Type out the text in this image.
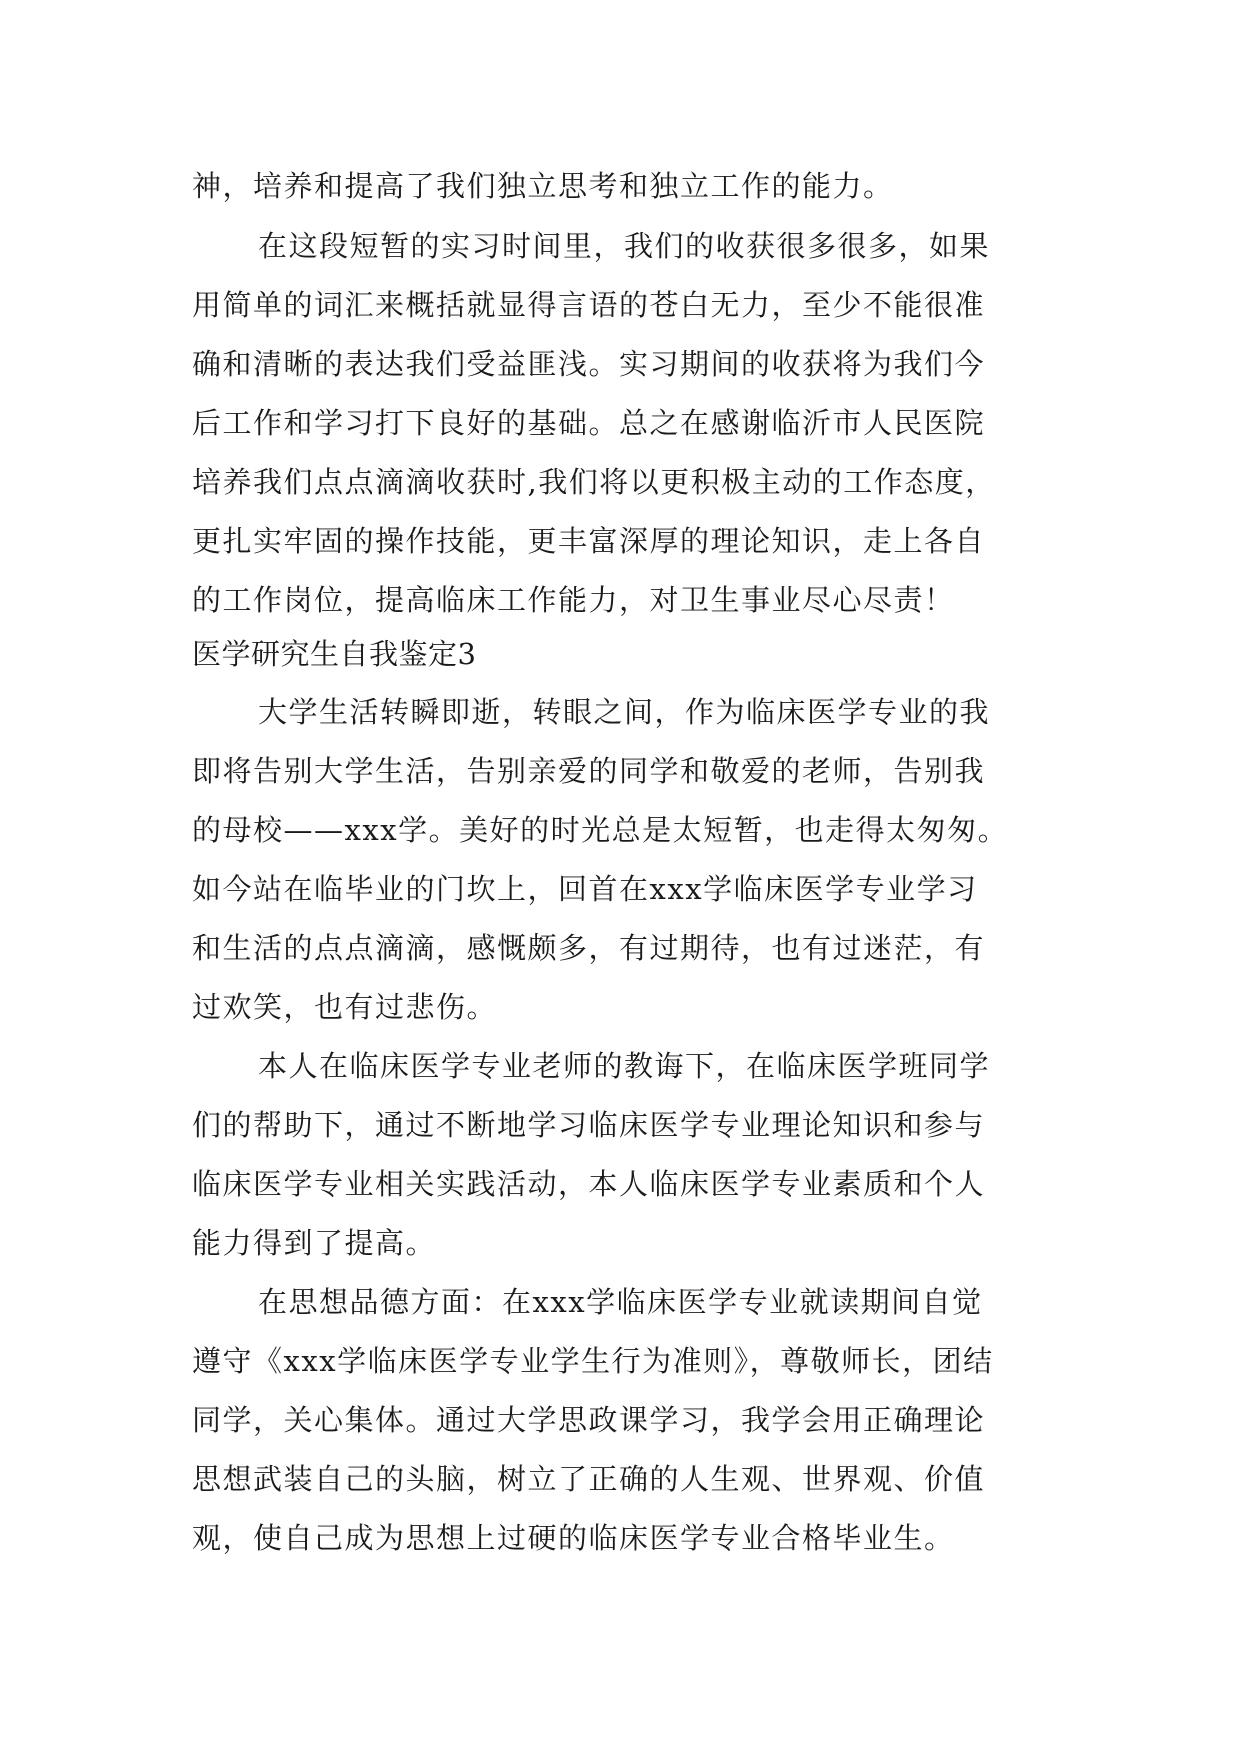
神，培养和提高了我们独立思考和独立工作的能力。
在这段短暂的实习时间里，我们的收获很多很多，如果
用简单的词汇来概括就显得言语的苍白无力，至少不能很准
确和清晰的表达我们受益匪浅。实习期间的收获将为我们今
后工作和学习打下良好的基础。总之在感谢临沂市人民医院
培养我们点点滴滴收获时,我们将以更积极主动的工作态度，
更扎实牢固的操作技能，更丰富深厚的理论知识，走上各自
的工作岗位，提高临床工作能力，对卫生事业尽心尽责！
医学研究生自我鉴定3
大学生活转瞬即逝，转眼之间，作为临床医学专业的我
即将告别大学生活，告别亲爱的同学和敬爱的老师，告别我
的母校——xxx学。美好的时光总是太短暂，也走得太匆匆。
如今站在临毕业的门坎上，回首在xxx学临床医学专业学习
和生活的点点滴滴，感慨颇多，有过期待，也有过迷茫，有
过欢笑，也有过悲伤。
本人在临床医学专业老师的教诲下，在临床医学班同学
们的帮助下，通过不断地学习临床医学专业理论知识和参与
临床医学专业相关实践活动，本人临床医学专业素质和个人
能力得到了提高。
在思想品德方面：在xxx学临床医学专业就读期间自觉
遵守《xxx学临床医学专业学生行为准则》，尊敬师长，团结
同学，关心集体。通过大学思政课学习，我学会用正确理论
思想武装自己的头脑，树立了正确的人生观、世界观、价值
观，使自己成为思想上过硬的临床医学专业合格毕业生。
